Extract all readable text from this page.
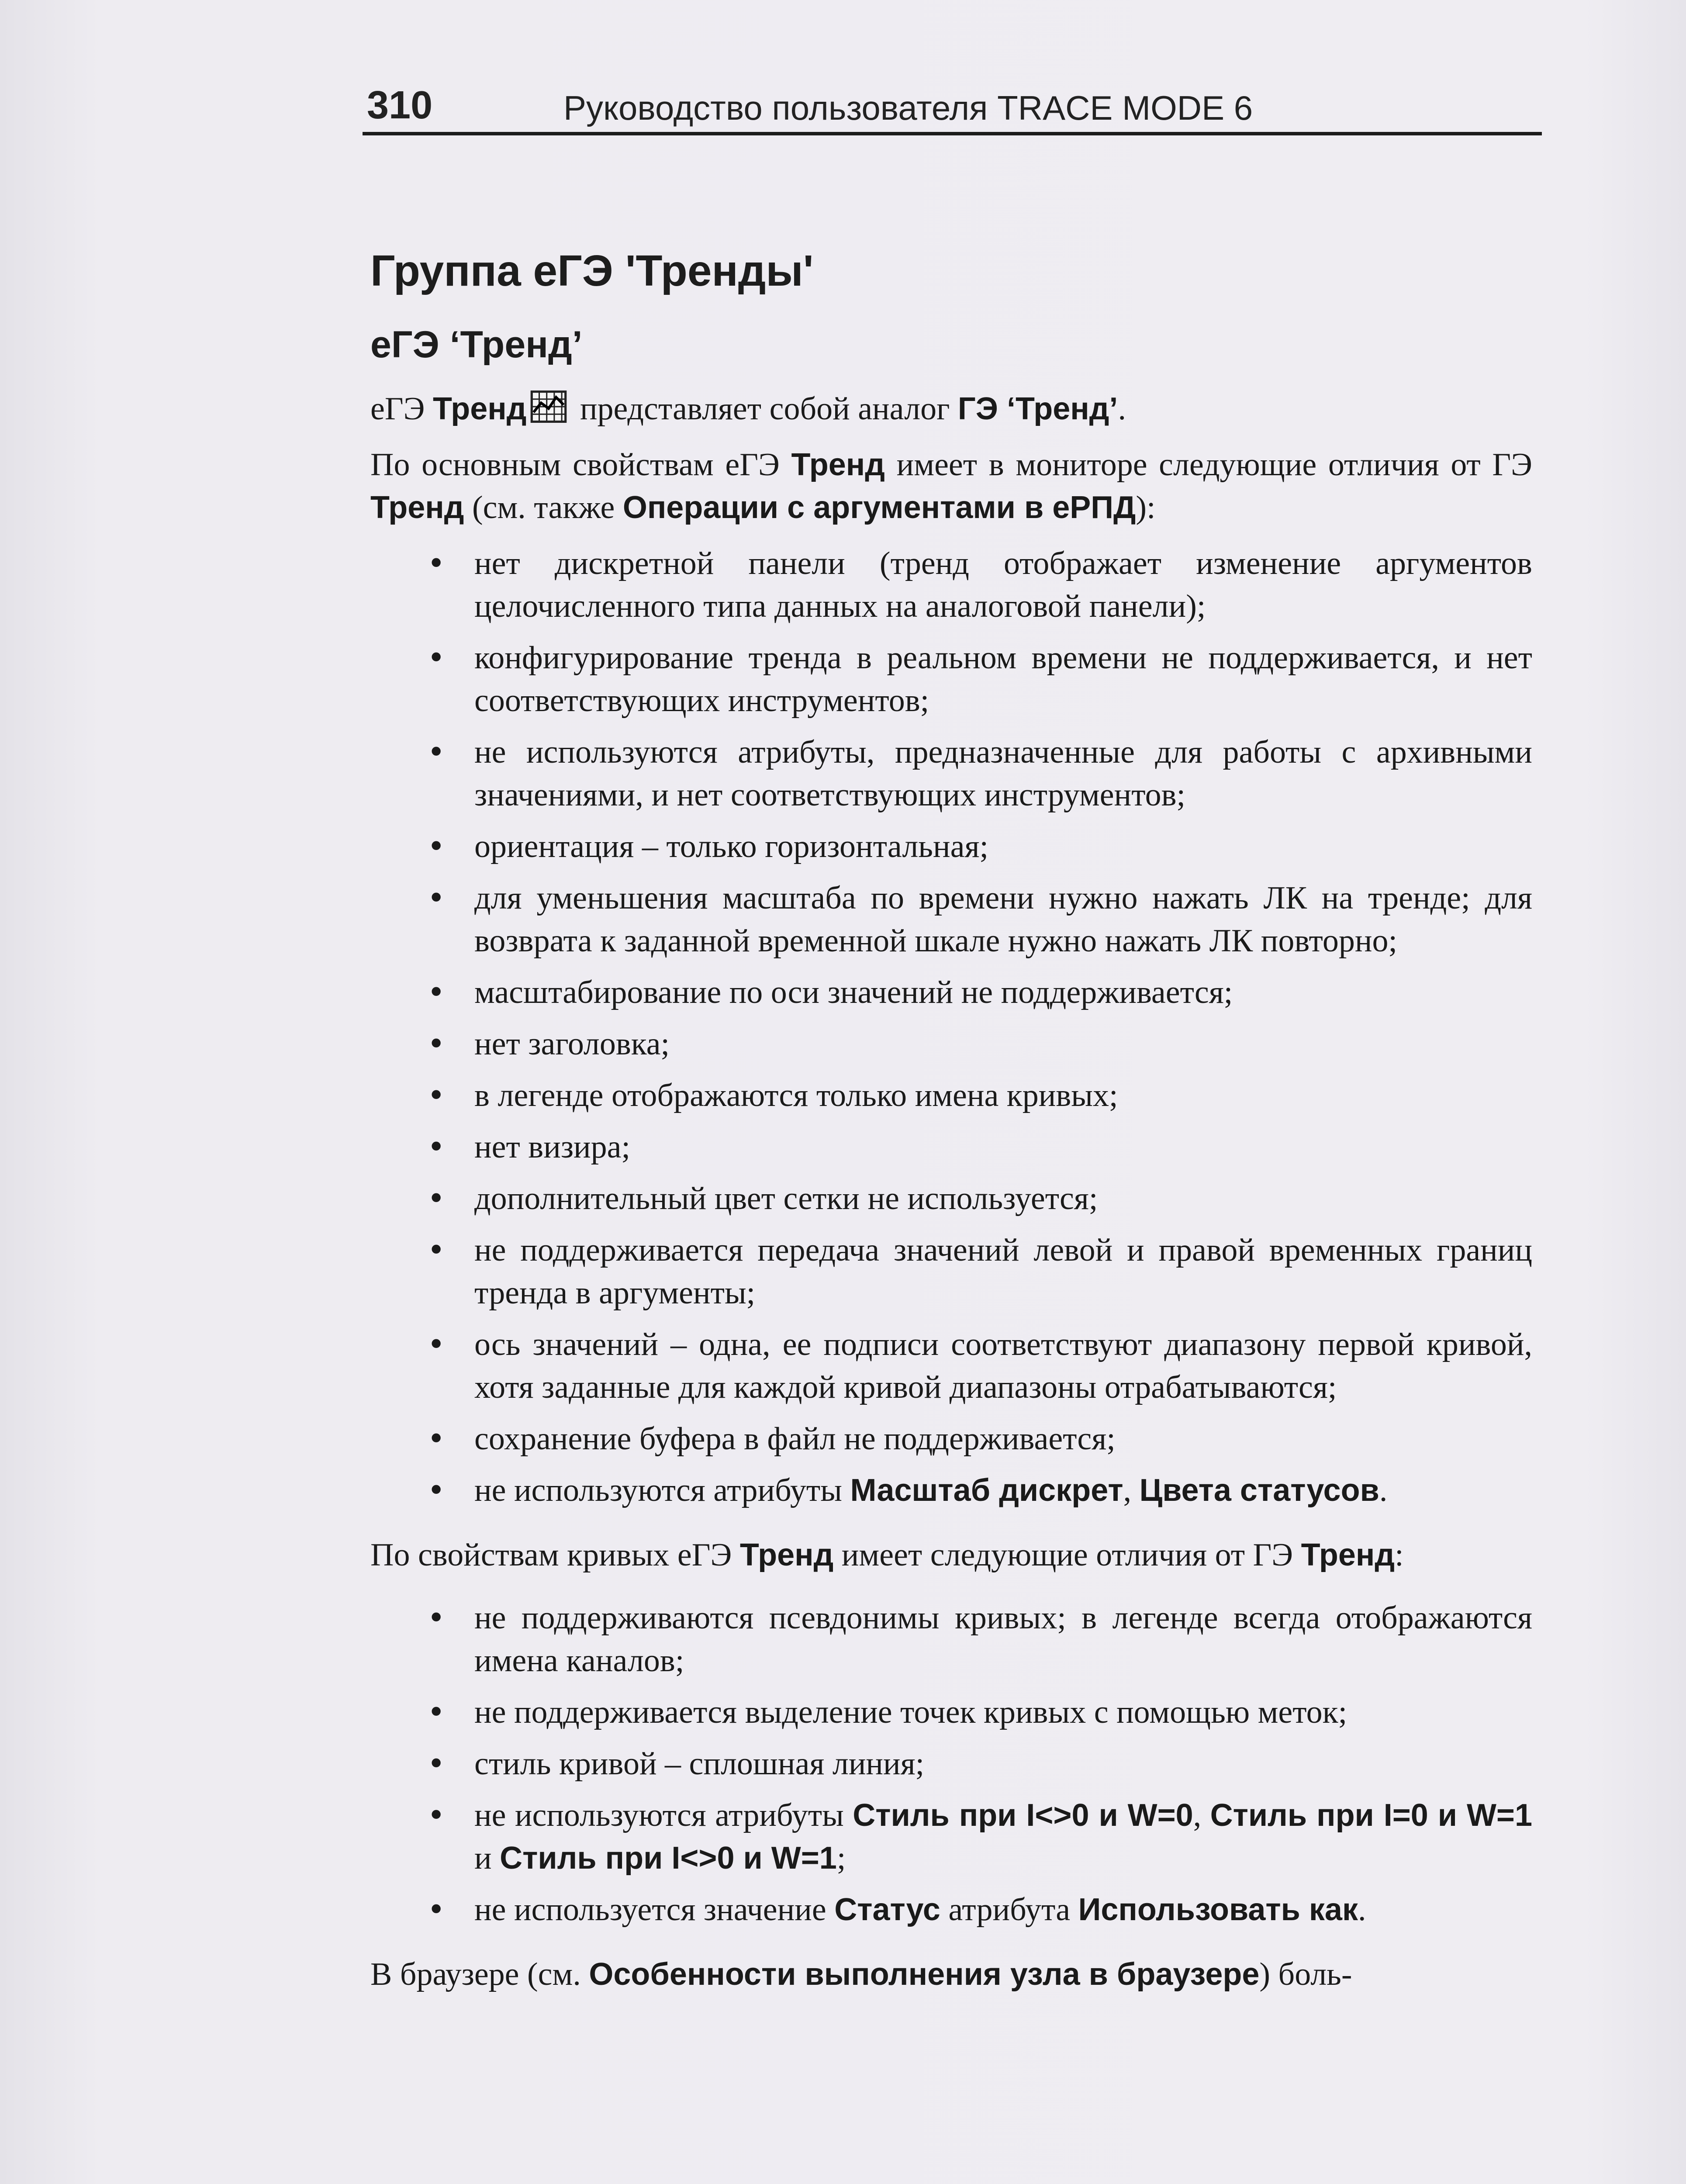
310	Руководство пользователя TRACE MODE 6
Группа еГЭ 'Тренды'
еГЭ ‘Тренд’

еГЭ Тренд представляет собой аналог ГЭ ‘Тренд’.

По основным свойствам еГЭ Тренд имеет в мониторе следующие отличия от ГЭ Тренд (см. также Операции с аргументами в еРПД):

• нет дискретной панели (тренд отображает изменение аргументов целочисленного типа данных на аналоговой панели);
• конфигурирование тренда в реальном времени не поддерживается, и нет соответствующих инструментов;
• не используются атрибуты, предназначенные для работы с архивными значениями, и нет соответствующих инструментов;
• ориентация – только горизонтальная;
• для уменьшения масштаба по времени нужно нажать ЛК на тренде; для возврата к заданной временной шкале нужно нажать ЛК повторно;
• масштабирование по оси значений не поддерживается;
• нет заголовка;
• в легенде отображаются только имена кривых;
• нет визира;
• дополнительный цвет сетки не используется;
• не поддерживается передача значений левой и правой временных границ тренда в аргументы;
• ось значений – одна, ее подписи соответствуют диапазону первой кривой, хотя заданные для каждой кривой диапазоны отрабатываются;
• сохранение буфера в файл не поддерживается;
• не используются атрибуты Масштаб дискрет, Цвета статусов.

По свойствам кривых еГЭ Тренд имеет следующие отличия от ГЭ Тренд:

• не поддерживаются псевдонимы кривых; в легенде всегда отображаются имена каналов;
• не поддерживается выделение точек кривых с помощью меток;
• стиль кривой – сплошная линия;
• не используются атрибуты Стиль при I<>0 и W=0, Стиль при I=0 и W=1 и Стиль при I<>0 и W=1;
• не используется значение Статус атрибута Использовать как.

В браузере (см. Особенности выполнения узла в браузере) боль-
